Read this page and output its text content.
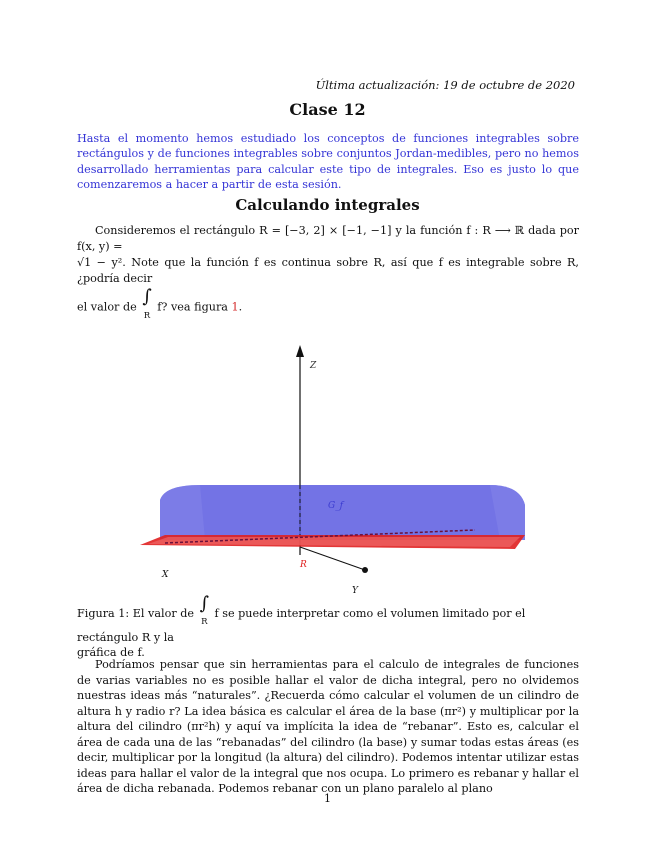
Última actualización: 19 de octubre de 2020
Clase 12
Hasta el momento hemos estudiado los conceptos de funciones integrables sobre rectángulos y de funciones integrables sobre conjuntos Jordan-medibles, pero no hemos desarrollado herramientas para calcular este tipo de integrales. Eso es justo lo que comenzaremos a hacer a partir de esta sesión.
Calculando integrales
Consideremos el rectángulo R = [−3, 2] × [−1, −1] y la función f : R ⟶ ℝ dada por f(x, y) =
√1 − y². Note que la función f es continua sobre R, así que f es integrable sobre R, ¿podría decir
el valor de ∫
R f? vea figura 1.
Z
G_f
R
X
Y
Figura 1: El valor de ∫
R f se puede interpretar como el volumen limitado por el rectángulo R y la
gráfica de f.
Podríamos pensar que sin herramientas para el calculo de integrales de funciones de varias variables no es posible hallar el valor de dicha integral, pero no olvidemos nuestras ideas más “naturales”. ¿Recuerda cómo calcular el volumen de un cilindro de altura h y radio r? La idea básica es calcular el área de la base (πr²) y multiplicar por la altura del cilindro (πr²h) y aquí va implícita la idea de “rebanar”. Esto es, calcular el área de cada una de las “rebanadas” del cilindro (la base) y sumar todas estas áreas (es decir, multiplicar por la longitud (la altura) del cilindro). Podemos intentar utilizar estas ideas para hallar el valor de la integral que nos ocupa. Lo primero es rebanar y hallar el área de dicha rebanada. Podemos rebanar con un plano paralelo al plano
1
